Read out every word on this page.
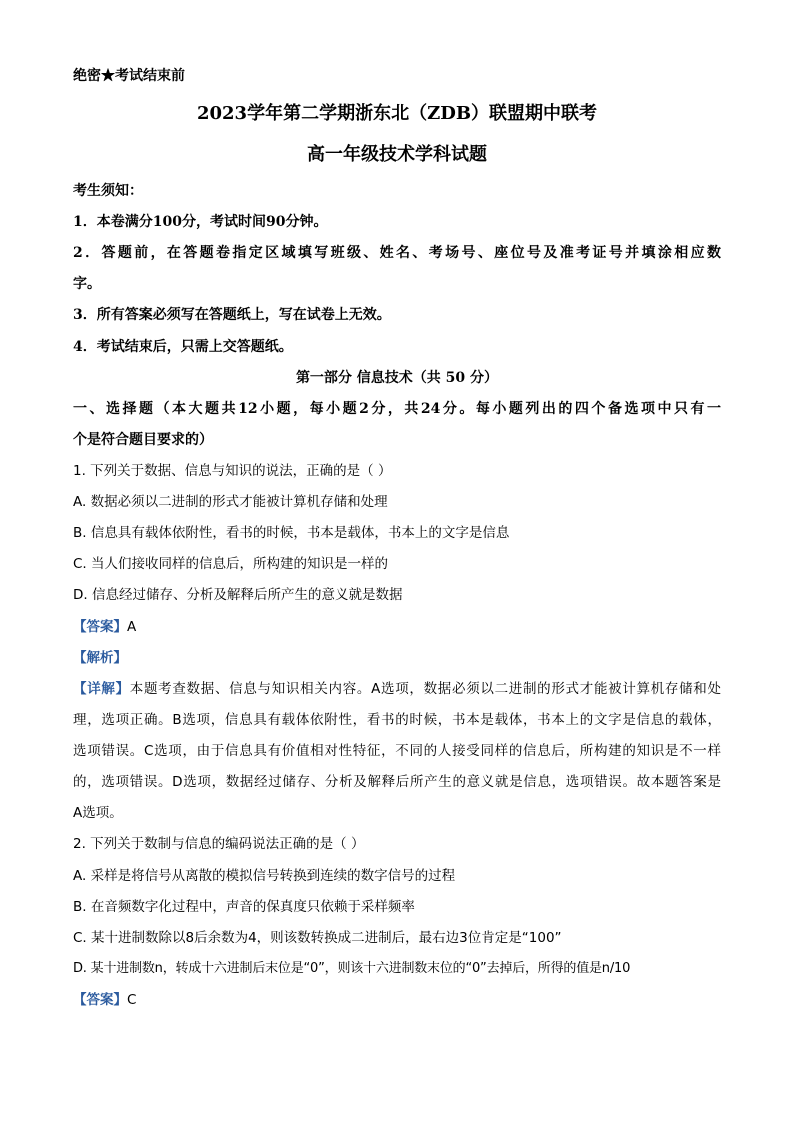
绝密★考试结束前
2023学年第二学期浙东北（ZDB）联盟期中联考
高一年级技术学科试题
考生须知：
1．本卷满分100分，考试时间90分钟。
2．答题前，在答题卷指定区域填写班级、姓名、考场号、座位号及准考证号并填涂相应数
字。
3．所有答案必须写在答题纸上，写在试卷上无效。
4．考试结束后，只需上交答题纸。
第一部分 信息技术（共 50 分）
一、选择题（本大题共12小题，每小题2分，共24分。每小题列出的四个备选项中只有一
个是符合题目要求的）
1. 下列关于数据、信息与知识的说法，正确的是（ ）
A. 数据必须以二进制的形式才能被计算机存储和处理
B. 信息具有载体依附性，看书的时候，书本是载体，书本上的文字是信息
C. 当人们接收同样的信息后，所构建的知识是一样的
D. 信息经过储存、分析及解释后所产生的意义就是数据
【答案】A
【解析】
【详解】本题考查数据、信息与知识相关内容。A选项，数据必须以二进制的形式才能被计算机存储和处
理，选项正确。B选项，信息具有载体依附性，看书的时候，书本是载体，书本上的文字是信息的载体，
选项错误。C选项，由于信息具有价值相对性特征，不同的人接受同样的信息后，所构建的知识是不一样
的，选项错误。D选项，数据经过储存、分析及解释后所产生的意义就是信息，选项错误。故本题答案是
A选项。
2. 下列关于数制与信息的编码说法正确的是（ ）
A. 采样是将信号从离散的模拟信号转换到连续的数字信号的过程
B. 在音频数字化过程中，声音的保真度只依赖于采样频率
C. 某十进制数除以8后余数为4，则该数转换成二进制后，最右边3位肯定是“100”
D. 某十进制数n，转成十六进制后末位是“0”，则该十六进制数末位的“0”去掉后，所得的值是n/10
【答案】C
